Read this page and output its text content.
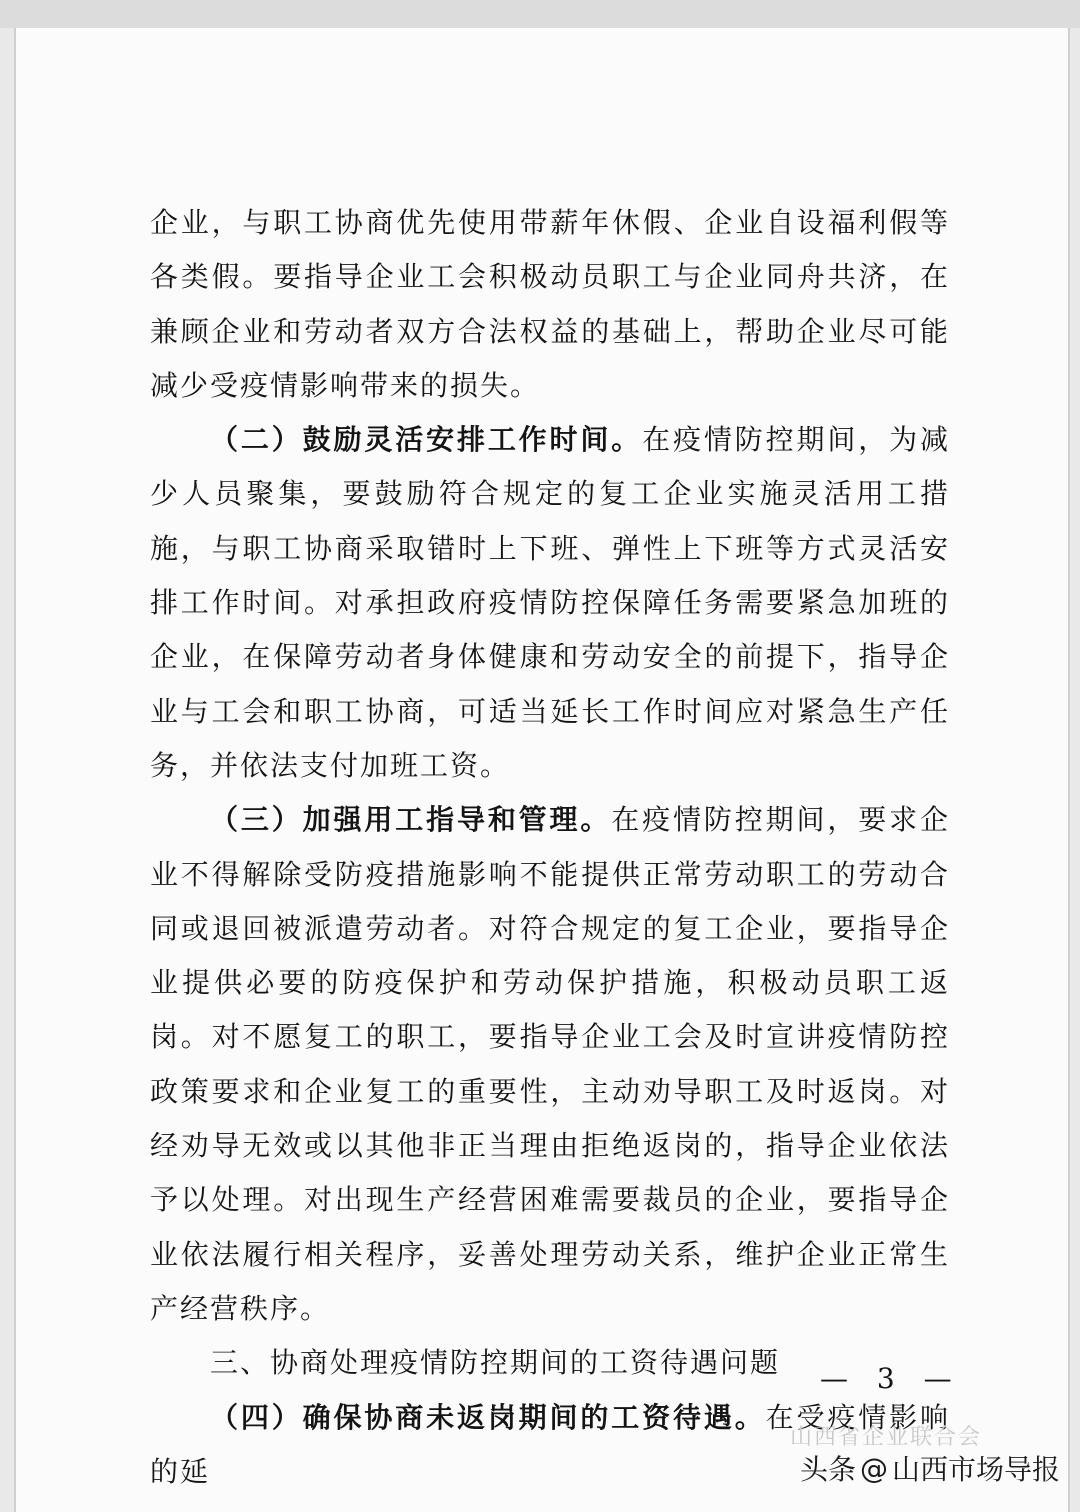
企业，与职工协商优先使用带薪年休假、企业自设福利假等各类假。要指导企业工会积极动员职工与企业同舟共济，在兼顾企业和劳动者双方合法权益的基础上，帮助企业尽可能减少受疫情影响带来的损失。

（二）鼓励灵活安排工作时间。在疫情防控期间，为减少人员聚集，要鼓励符合规定的复工企业实施灵活用工措施，与职工协商采取错时上下班、弹性上下班等方式灵活安排工作时间。对承担政府疫情防控保障任务需要紧急加班的企业，在保障劳动者身体健康和劳动安全的前提下，指导企业与工会和职工协商，可适当延长工作时间应对紧急生产任务，并依法支付加班工资。

（三）加强用工指导和管理。在疫情防控期间，要求企业不得解除受防疫措施影响不能提供正常劳动职工的劳动合同或退回被派遣劳动者。对符合规定的复工企业，要指导企业提供必要的防疫保护和劳动保护措施，积极动员职工返岗。对不愿复工的职工，要指导企业工会及时宣讲疫情防控政策要求和企业复工的重要性，主动劝导职工及时返岗。对经劝导无效或以其他非正当理由拒绝返岗的，指导企业依法予以处理。对出现生产经营困难需要裁员的企业，要指导企业依法履行相关程序，妥善处理劳动关系，维护企业正常生产经营秩序。

三、协商处理疫情防控期间的工资待遇问题

（四）确保协商未返岗期间的工资待遇。在受疫情影响的延

— 3 —
山西省企业联合会
头条 @ 山西市场导报
